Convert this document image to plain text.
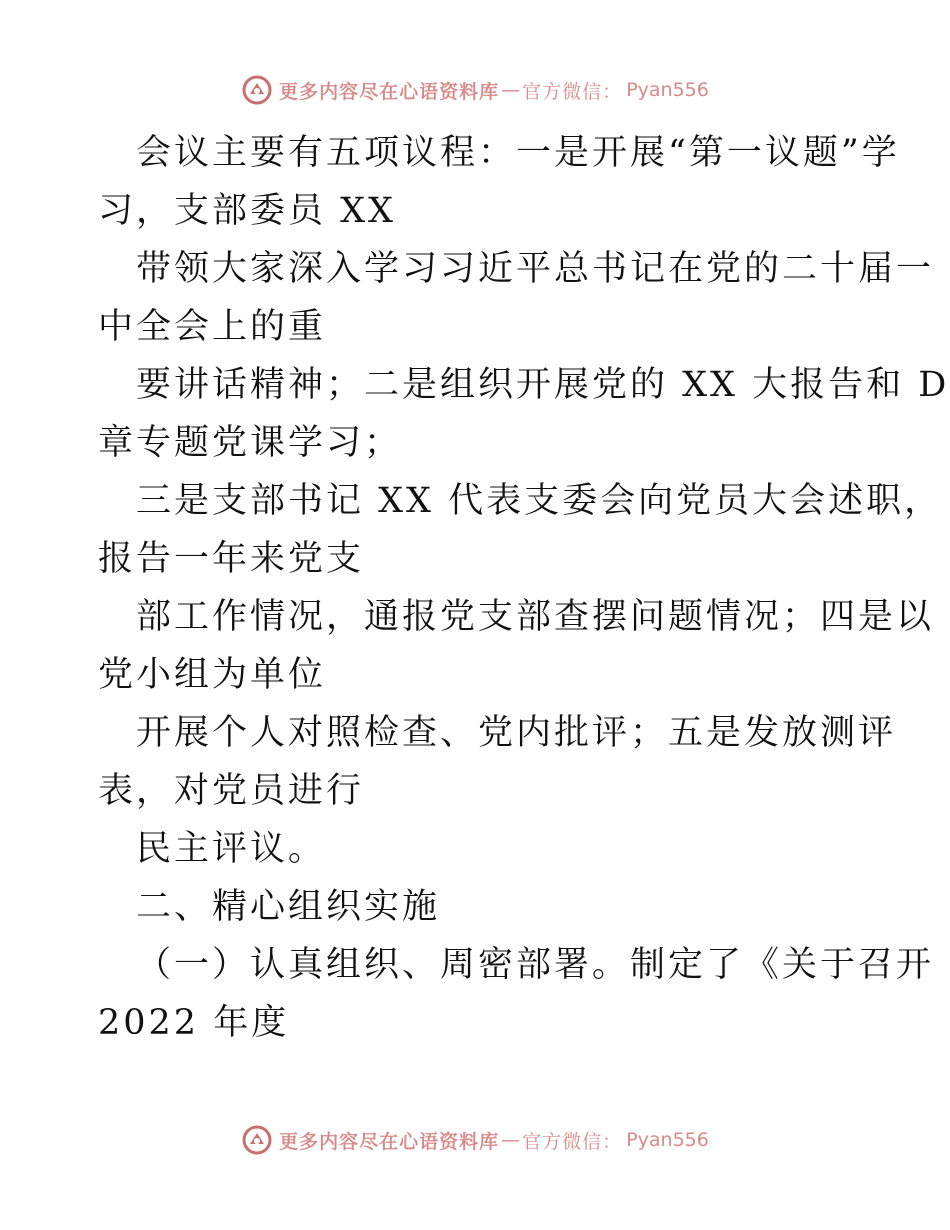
更多内容尽在心语资料库 — 官方微信： Pyan556
会议主要有五项议程：一是开展“第一议题”学
习，支部委员 XX
带领大家深入学习习近平总书记在党的二十届一
中全会上的重
要讲话精神；二是组织开展党的 XX 大报告和 D
章专题党课学习；
三是支部书记 XX 代表支委会向党员大会述职，
报告一年来党支
部工作情况，通报党支部查摆问题情况；四是以
党小组为单位
开展个人对照检查、党内批评；五是发放测评
表，对党员进行
民主评议。
二、精心组织实施
（一）认真组织、周密部署。制定了《关于召开
2022 年度
更多内容尽在心语资料库 — 官方微信： Pyan556
